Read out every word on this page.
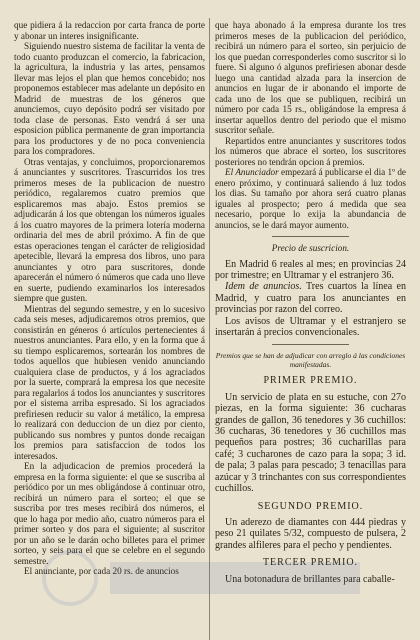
que pidiera á la redaccion por carta franca de porte y abonar un interes insignificante.

Siguiendo nuestro sistema de facilitar la venta de todo cuanto produzcan el comercio, la fabricacion, la agricultura, la industria y las artes, pensamos llevar mas lejos el plan que hemos concebido; nos proponemos establecer mas adelante un depósito en Madrid de muestras de los géneros que anunciemos, cuyo depósito podrá ser visitado por toda clase de personas. Esto vendrá á ser una esposicion pública permanente de gran importancia para los productores y de no poca conveniencia para los compradores.

Otras ventajas, y concluimos, proporcionaremos á anunciantes y suscritores. Trascurridos los tres primeros meses de la publicacion de nuestro periódico, regalaremos cuatro premios que esplicaremos mas abajo. Estos premios se adjudicarán á los que obtengan los números iguales á los cuatro mayores de la primera lotería moderna ordinaria del mes de abril próximo. A fin de que estas operaciones tengan el carácter de religiosidad apetecible, llevará la empresa dos libros, uno para anunciantes y otro para suscritores, donde aparecerán el número ó números que cada uno lleve en suerte, pudiendo examinarlos los interesados siempre que gusten.

Mientras del segundo semestre, y en lo sucesivo cada seis meses, adjudicaremos otros premios, que consistirán en géneros ó artículos pertenecientes á nuestros anunciantes. Para ello, y en la forma que á su tiempo esplicaremos, sortearán los nombres de todos aquellos que hubiesen venido anunciando cualquiera clase de productos, y á los agraciados por la suerte, comprará la empresa los que necesite para regalarlos á todos los anunciantes y suscritores por el sistema arriba espresado. Si los agraciados prefiriesen reducir su valor á metálico, la empresa lo realizará con deduccion de un diez por ciento, publicando sus nombres y puntos donde recaigan los premios para satisfaccion de todos los interesados.

En la adjudicacion de premios procederá la empresa en la forma siguiente: el que se suscriba al periódico por un mes obligándose á continuar otro, recibirá un número para el sorteo; el que se suscriba por tres meses recibirá dos números, el que lo haga por medio año, cuatro números para el primer sorteo y dos para el siguiente; al suscritor por un año se le darán ocho billetes para el primer sorteo, y seis para el que se celebre en el segundo semestre.

El anunciante, por cada 20 rs. de anuncios

que haya abonado á la empresa durante los tres primeros meses de la publicacion del periódico, recibirá un número para el sorteo, sin perjuicio de los que puedan corresponderles como suscritor si lo fuere. Si alguno ó algunos prefiriesen abonar desde luego una cantidad alzada para la insercion de anuncios en lugar de ir abonando el importe de cada uno de los que se publiquen, recibirá un número por cada 15 rs., obligándose la empresa á insertar aquellos dentro del periodo que el mismo suscritor señale.

Repartidos entre anunciantes y suscritores todos los números que abrace el sorteo, los suscritores posteriores no tendrán opcion á premios.

El Anunciador empezará á publicarse el dia 1º de enero próximo, y continuará saliendo á luz todos los dias. Su tamaño por ahora será cuatro planas iguales al prospecto; pero á medida que sea necesario, porque lo exija la abundancia de anuncios, se le dará mayor aumento.

Precio de suscricion.

En Madrid 6 reales al mes; en provincias 24 por trimestre; en Ultramar y el estranjero 36.

Idem de anuncios. Tres cuartos la línea en Madrid, y cuatro para los anunciantes en provincias por razon del correo.

Los avisos de Ultramar y el estranjero se insertarán á precios convencionales.

Premios que se han de adjudicar con arreglo á las condiciones manifestadas.

PRIMER PREMIO.

Un servicio de plata en su estuche, con 27o piezas, en la forma siguiente: 36 cucharas grandes de gallon, 36 tenedores y 36 cuchillos: 36 cucharas, 36 tenedores y 36 cuchillos mas pequeños para postres; 36 cucharillas para café; 3 cucharones de cazo para la sopa; 3 id. de pala; 3 palas para pescado; 3 tenacillas para azúcar y 3 trinchantes con sus correspondientes cuchillos.

SEGUNDO PREMIO.

Un aderezo de diamantes con 444 piedras y peso 21 quilates 5/32, compuesto de pulsera, 2 grandes alfileres para el pecho y pendientes.

TERCER PREMIO.

Una botonadura de brillantes para caballe-
